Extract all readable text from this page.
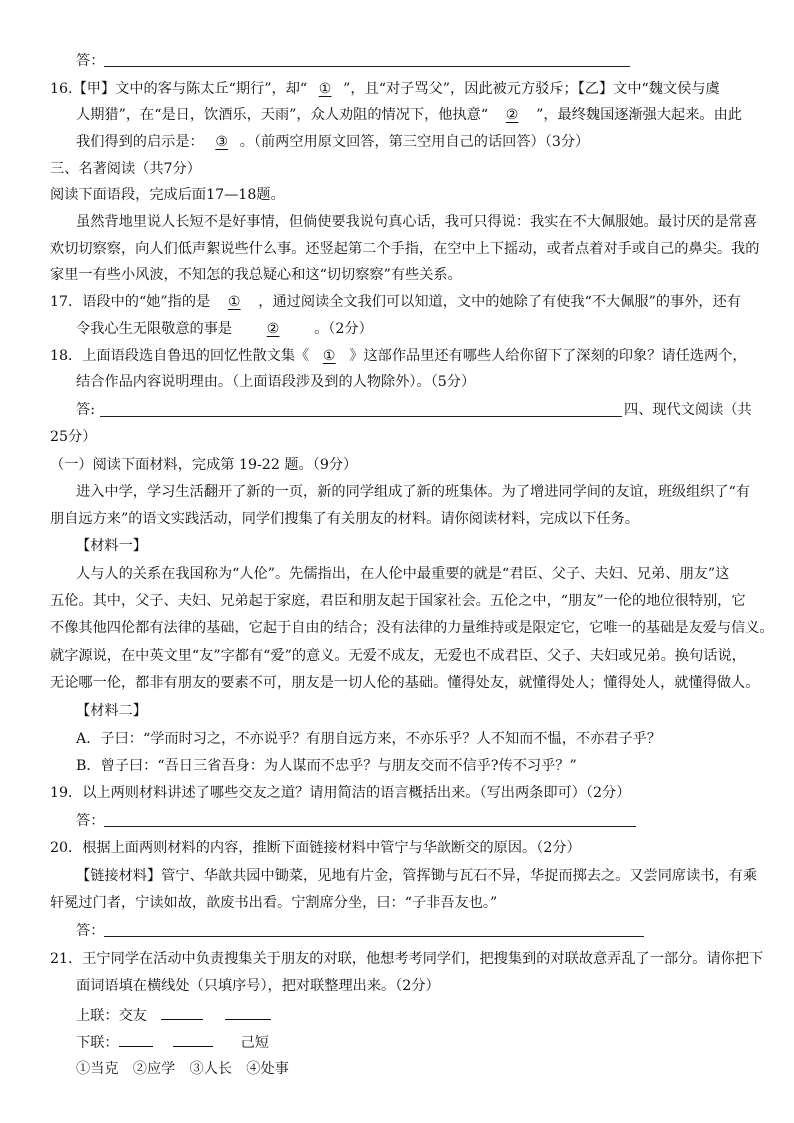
答：
16.【甲】文中的客与陈太丘“期行”，却“ ① ”，且“对子骂父”，因此被元方驳斥；【乙】文中“魏文侯与虞
人期猎”，在“是日，饮酒乐，天雨”，众人劝阻的情况下，他执意“ ② ”，最终魏国逐渐强大起来。由此
我们得到的启示是： ③ 。（前两空用原文回答，第三空用自己的话回答）（3分）
三、名著阅读（共7分）
阅读下面语段，完成后面17—18题。
虽然背地里说人长短不是好事情，但倘使要我说句真心话，我可只得说：我实在不大佩服她。最讨厌的是常喜
欢切切察察，向人们低声絮说些什么事。还竖起第二个手指，在空中上下摇动，或者点着对手或自己的鼻尖。我的
家里一有些小风波，不知怎的我总疑心和这“切切察察”有些关系。
17．语段中的“她”指的是 ① ，通过阅读全文我们可以知道，文中的她除了有使我“不大佩服”的事外，还有
令我心生无限敬意的事是 ② 。（2分）
18．上面语段选自鲁迅的回忆性散文集《 ① 》这部作品里还有哪些人给你留下了深刻的印象？请任选两个，
结合作品内容说明理由。（上面语段涉及到的人物除外）。（5分）
答:	四、现代文阅读（共
25分）
（一）阅读下面材料，完成第 19-22 题。（9分）
进入中学，学习生活翻开了新的一页，新的同学组成了新的班集体。为了增进同学间的友谊，班级组织了“有
朋自远方来”的语文实践活动，同学们搜集了有关朋友的材料。请你阅读材料，完成以下任务。
【材料一】
人与人的关系在我国称为“人伦”。先儒指出，在人伦中最重要的就是“君臣、父子、夫妇、兄弟、朋友”这
五伦。其中，父子、夫妇、兄弟起于家庭，君臣和朋友起于国家社会。五伦之中，“朋友”一伦的地位很特别，它
不像其他四伦都有法律的基础，它起于自由的结合；没有法律的力量维持或是限定它，它唯一的基础是友爱与信义。
就字源说，在中英文里“友”字都有“爱”的意义。无爱不成友，无爱也不成君臣、父子、夫妇或兄弟。换句话说，
无论哪一伦，都非有朋友的要素不可，朋友是一切人伦的基础。懂得处友，就懂得处人；懂得处人，就懂得做人。
【材料二】
A．子曰：“学而时习之，不亦说乎？有朋自远方来，不亦乐乎？人不知而不愠，不亦君子乎？
B．曾子曰：“吾日三省吾身：为人谋而不忠乎？与朋友交而不信乎?传不习乎？”
19．以上两则材料讲述了哪些交友之道？请用简洁的语言概括出来。（写出两条即可）（2分）
答：
20．根据上面两则材料的内容，推断下面链接材料中管宁与华歆断交的原因。（2分）
【链接材料】管宁、华歆共园中锄菜，见地有片金，管挥锄与瓦石不异，华捉而掷去之。又尝同席读书，有乘
轩冕过门者，宁读如故，歆废书出看。宁割席分坐，曰：“子非吾友也。”
答：
21．王宁同学在活动中负责搜集关于朋友的对联，他想考考同学们，把搜集到的对联故意弄乱了一部分。请你把下
面词语填在横线处（只填序号），把对联整理出来。（2分）
上联：交友
下联：	己短
①当克　②应学　③人长　④处事
